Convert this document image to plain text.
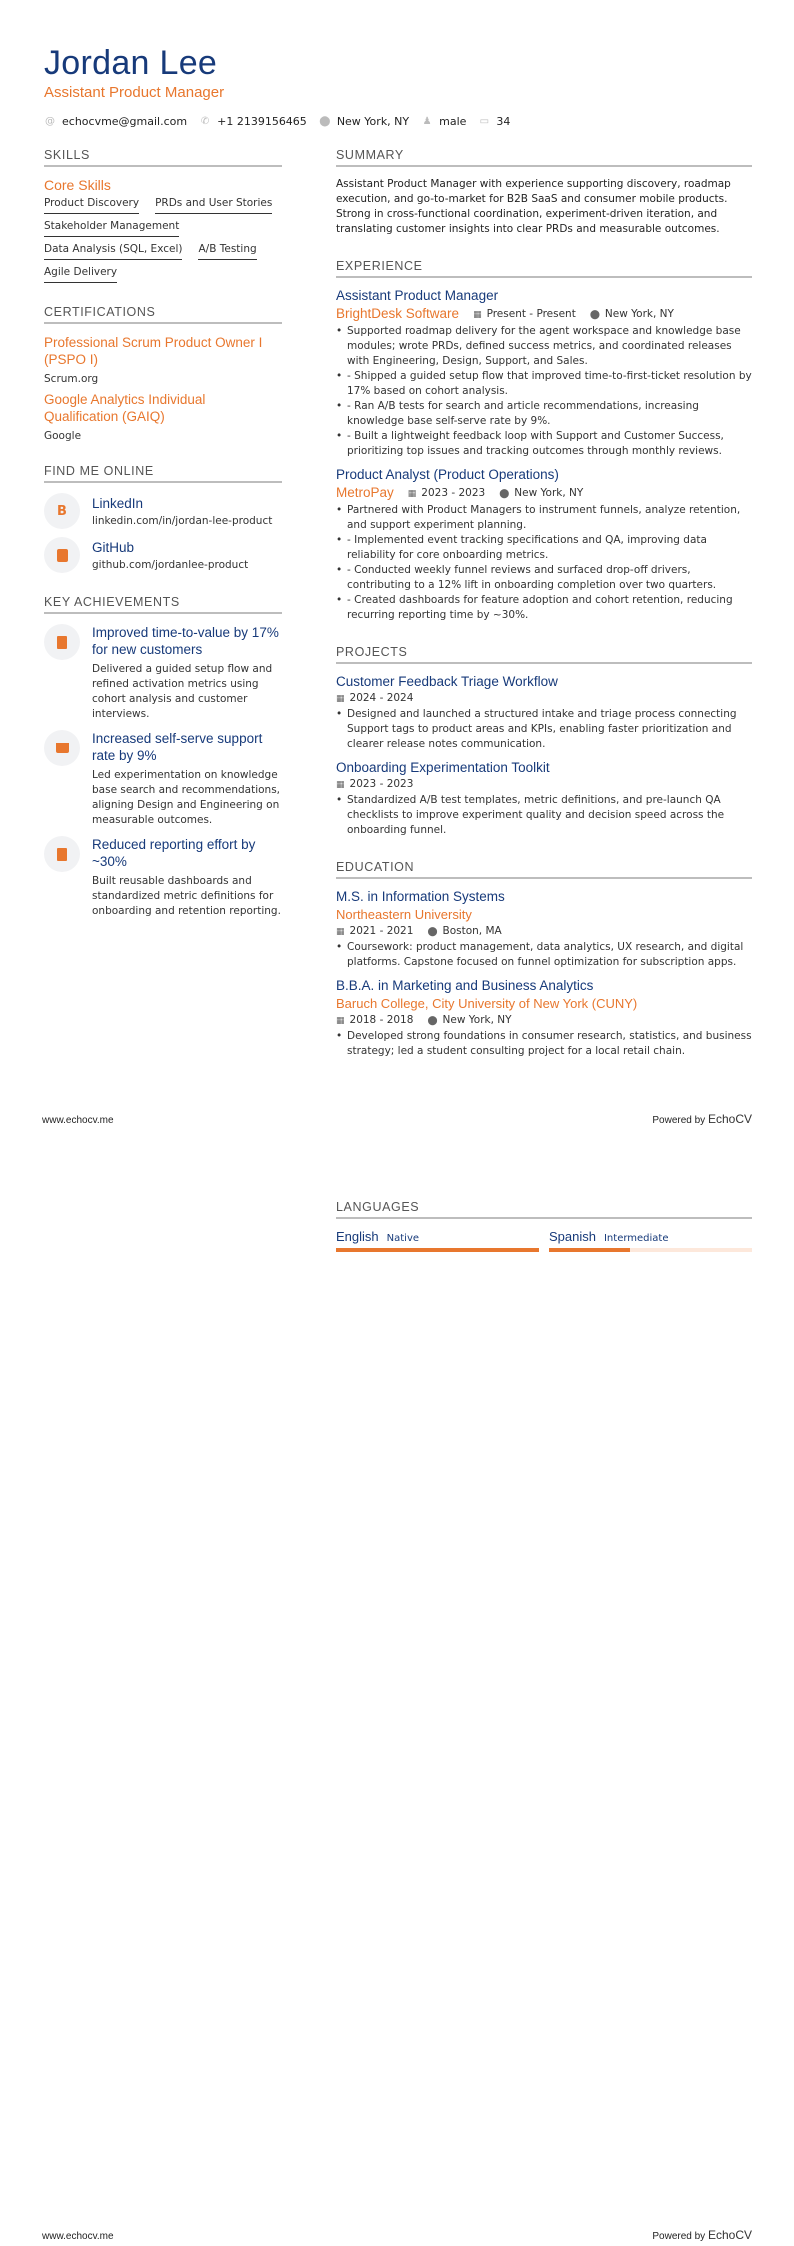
Jordan Lee
Assistant Product Manager
@ echocvme@gmail.com ✆ +1 2139156465 ⬤ New York, NY ♟ male ▭ 34
SKILLS
Core Skills
Product Discovery PRDs and User Stories
Stakeholder Management
Data Analysis (SQL, Excel) A/B Testing
Agile Delivery
CERTIFICATIONS
Professional Scrum Product Owner I (PSPO I)
Scrum.org
Google Analytics Individual Qualification (GAIQ)
Google
FIND ME ONLINE
B
LinkedIn
linkedin.com/in/jordan-lee-product
GitHub
github.com/jordanlee-product
KEY ACHIEVEMENTS
Improved time-to-value by 17% for new customers
Delivered a guided setup flow and refined activation metrics using cohort analysis and customer interviews.
Increased self-serve support rate by 9%
Led experimentation on knowledge base search and recommendations, aligning Design and Engineering on measurable outcomes.
Reduced reporting effort by ~30%
Built reusable dashboards and standardized metric definitions for onboarding and retention reporting.
SUMMARY
Assistant Product Manager with experience supporting discovery, roadmap execution, and go-to-market for B2B SaaS and consumer mobile products. Strong in cross-functional coordination, experiment-driven iteration, and translating customer insights into clear PRDs and measurable outcomes.
EXPERIENCE
Assistant Product Manager
BrightDesk Software ▦ Present - Present ⬤ New York, NY
• Supported roadmap delivery for the agent workspace and knowledge base modules; wrote PRDs, defined success metrics, and coordinated releases with Engineering, Design, Support, and Sales.
• - Shipped a guided setup flow that improved time-to-first-ticket resolution by 17% based on cohort analysis.
• - Ran A/B tests for search and article recommendations, increasing knowledge base self-serve rate by 9%.
• - Built a lightweight feedback loop with Support and Customer Success, prioritizing top issues and tracking outcomes through monthly reviews.
Product Analyst (Product Operations)
MetroPay ▦ 2023 - 2023 ⬤ New York, NY
• Partnered with Product Managers to instrument funnels, analyze retention, and support experiment planning.
• - Implemented event tracking specifications and QA, improving data reliability for core onboarding metrics.
• - Conducted weekly funnel reviews and surfaced drop-off drivers, contributing to a 12% lift in onboarding completion over two quarters.
• - Created dashboards for feature adoption and cohort retention, reducing recurring reporting time by ~30%.
PROJECTS
Customer Feedback Triage Workflow
▦ 2024 - 2024
• Designed and launched a structured intake and triage process connecting Support tags to product areas and KPIs, enabling faster prioritization and clearer release notes communication.
Onboarding Experimentation Toolkit
▦ 2023 - 2023
• Standardized A/B test templates, metric definitions, and pre-launch QA checklists to improve experiment quality and decision speed across the onboarding funnel.
EDUCATION
M.S. in Information Systems
Northeastern University
▦ 2021 - 2021 ⬤ Boston, MA
• Coursework: product management, data analytics, UX research, and digital platforms. Capstone focused on funnel optimization for subscription apps.
B.B.A. in Marketing and Business Analytics
Baruch College, City University of New York (CUNY)
▦ 2018 - 2018 ⬤ New York, NY
• Developed strong foundations in consumer research, statistics, and business strategy; led a student consulting project for a local retail chain.
www.echocv.me	Powered by EchoCV
LANGUAGES
English Native	Spanish Intermediate
www.echocv.me	Powered by EchoCV
